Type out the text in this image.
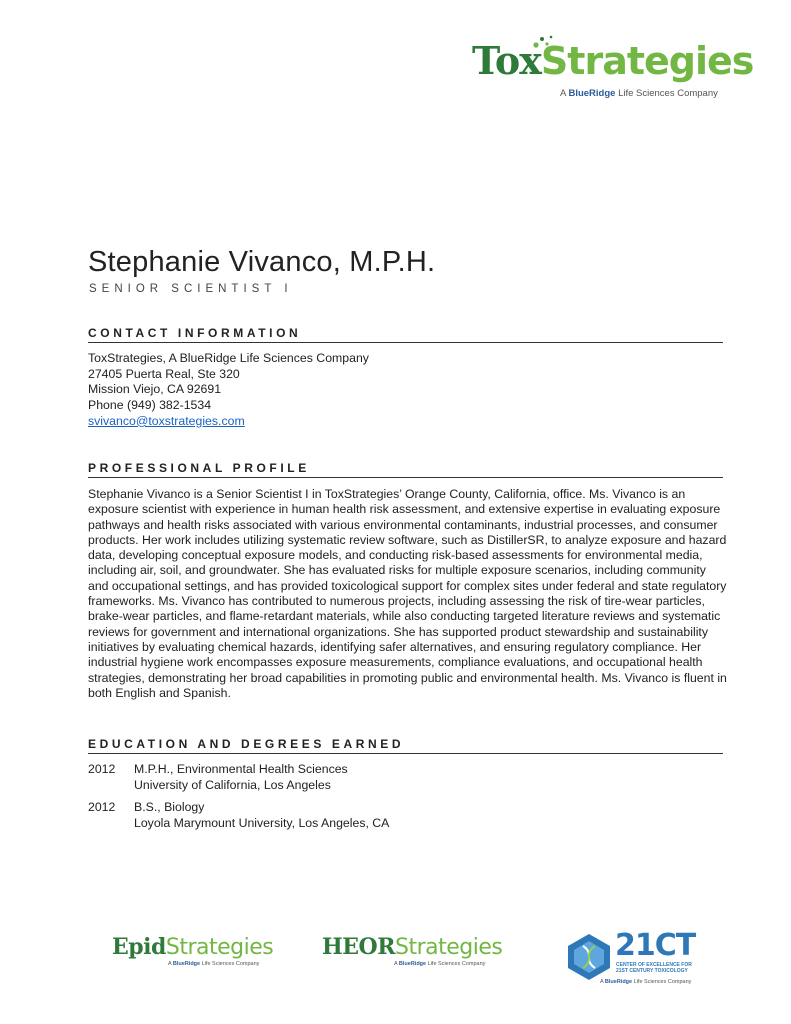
ToxStrategies
A BlueRidge Life Sciences Company
Stephanie Vivanco, M.P.H.
SENIOR SCIENTIST I
CONTACT INFORMATION
ToxStrategies, A BlueRidge Life Sciences Company
27405 Puerta Real, Ste 320
Mission Viejo, CA 92691
Phone (949) 382-1534
svivanco@toxstrategies.com
PROFESSIONAL PROFILE
Stephanie Vivanco is a Senior Scientist I in ToxStrategies’ Orange County, California, office. Ms. Vivanco is an exposure scientist with experience in human health risk assessment, and extensive expertise in evaluating exposure pathways and health risks associated with various environmental contaminants, industrial processes, and consumer products. Her work includes utilizing systematic review software, such as DistillerSR, to analyze exposure and hazard data, developing conceptual exposure models, and conducting risk-based assessments for environmental media, including air, soil, and groundwater. She has evaluated risks for multiple exposure scenarios, including community and occupational settings, and has provided toxicological support for complex sites under federal and state regulatory frameworks. Ms. Vivanco has contributed to numerous projects, including assessing the risk of tire-wear particles, brake-wear particles, and flame-retardant materials, while also conducting targeted literature reviews and systematic reviews for government and international organizations. She has supported product stewardship and sustainability initiatives by evaluating chemical hazards, identifying safer alternatives, and ensuring regulatory compliance. Her industrial hygiene work encompasses exposure measurements, compliance evaluations, and occupational health strategies, demonstrating her broad capabilities in promoting public and environmental health. Ms. Vivanco is fluent in both English and Spanish.
EDUCATION AND DEGREES EARNED
2012 M.P.H., Environmental Health Sciences
University of California, Los Angeles
2012 B.S., Biology
Loyola Marymount University, Los Angeles, CA
EpidStrategies
A BlueRidge Life Sciences Company
HEORStrategies
A BlueRidge Life Sciences Company
21CT
CENTER OF EXCELLENCE FOR
21ST CENTURY TOXICOLOGY
A BlueRidge Life Sciences Company
